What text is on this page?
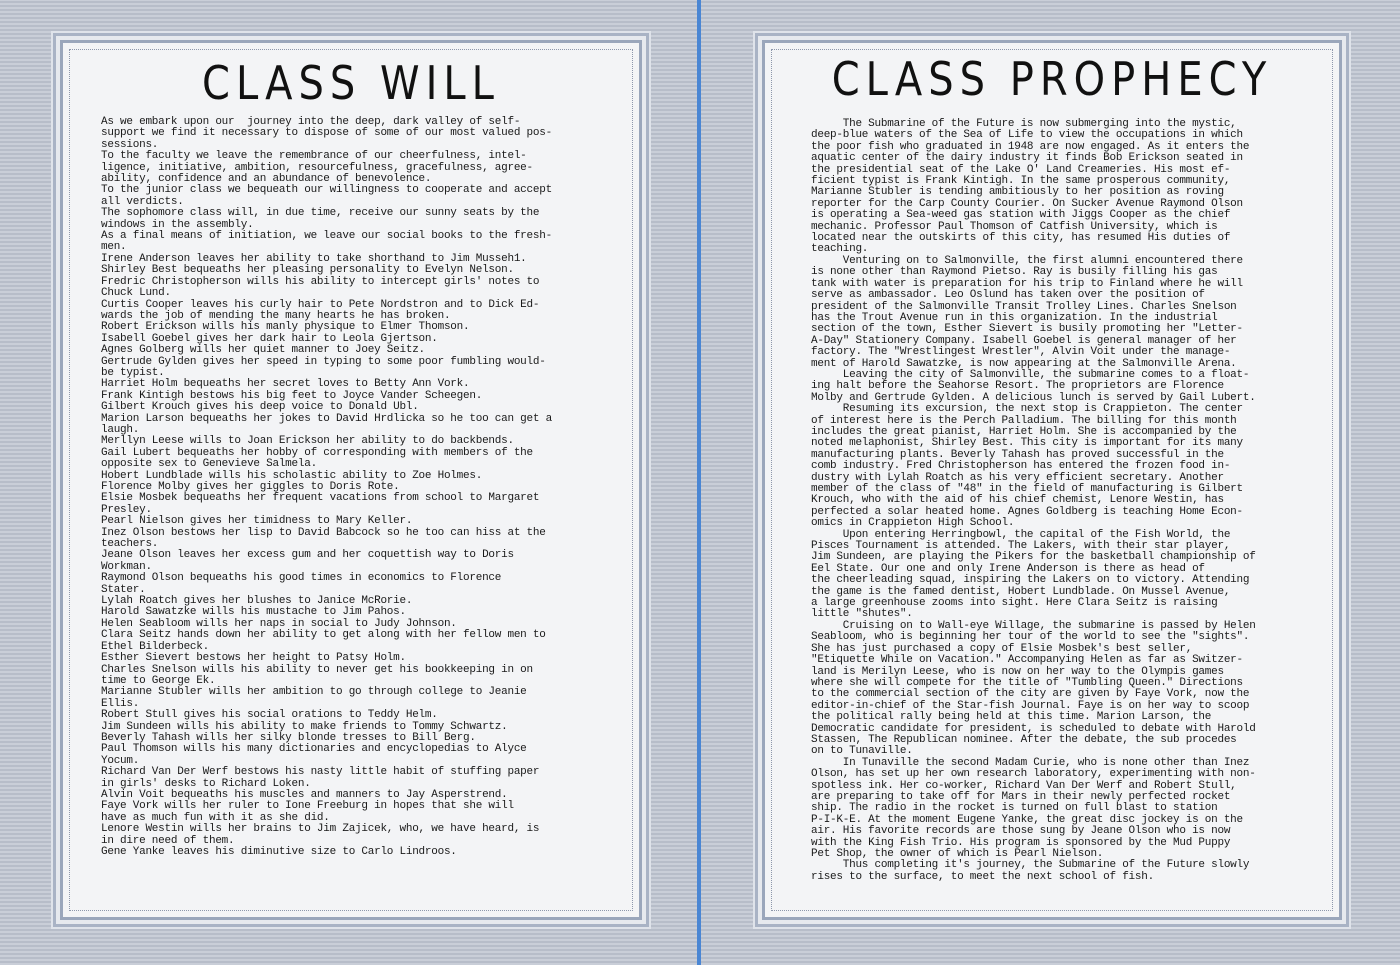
CLASS WILL
As we embark upon our  journey into the deep, dark valley of self-
support we find it necessary to dispose of some of our most valued pos-
sessions.
To the faculty we leave the remembrance of our cheerfulness, intel-
ligence, initiative, ambition, resourcefulness, gracefulness, agree-
ability, confidence and an abundance of benevolence.
To the junior class we bequeath our willingness to cooperate and accept
all verdicts.
The sophomore class will, in due time, receive our sunny seats by the
windows in the assembly.
As a final means of initiation, we leave our social books to the fresh-
men.
Irene Anderson leaves her ability to take shorthand to Jim Musseh1.
Shirley Best bequeaths her pleasing personality to Evelyn Nelson.
Fredric Christopherson wills his ability to intercept girls' notes to
Chuck Lund.
Curtis Cooper leaves his curly hair to Pete Nordstron and to Dick Ed-
wards the job of mending the many hearts he has broken.
Robert Erickson wills his manly physique to Elmer Thomson.
Isabell Goebel gives her dark hair to Leola Gjertson.
Agnes Golberg wills her quiet manner to Joey Seitz.
Gertrude Gylden gives her speed in typing to some poor fumbling would-
be typist.
Harriet Holm bequeaths her secret loves to Betty Ann Vork.
Frank Kintigh bestows his big feet to Joyce Vander Scheegen.
Gilbert Krouch gives his deep voice to Donald Ubl.
Marion Larson bequeaths her jokes to David Hrdlicka so he too can get a
laugh.
Merllyn Leese wills to Joan Erickson her ability to do backbends.
Gail Lubert bequeaths her hobby of corresponding with members of the
opposite sex to Genevieve Salmela.
Hobert Lundblade wills his scholastic ability to Zoe Holmes.
Florence Molby gives her giggles to Doris Rote.
Elsie Mosbek bequeaths her frequent vacations from school to Margaret
Presley.
Pearl Nielson gives her timidness to Mary Keller.
Inez Olson bestows her lisp to David Babcock so he too can hiss at the
teachers.
Jeane Olson leaves her excess gum and her coquettish way to Doris
Workman.
Raymond Olson bequeaths his good times in economics to Florence
Stater.
Lylah Roatch gives her blushes to Janice McRorie.
Harold Sawatzke wills his mustache to Jim Pahos.
Helen Seabloom wills her naps in social to Judy Johnson.
Clara Seitz hands down her ability to get along with her fellow men to
Ethel Bilderbeck.
Esther Sievert bestows her height to Patsy Holm.
Charles Snelson wills his ability to never get his bookkeeping in on
time to George Ek.
Marianne Stubler wills her ambition to go through college to Jeanie
Ellis.
Robert Stull gives his social orations to Teddy Helm.
Jim Sundeen wills his ability to make friends to Tommy Schwartz.
Beverly Tahash wills her silky blonde tresses to Bill Berg.
Paul Thomson wills his many dictionaries and encyclopedias to Alyce
Yocum.
Richard Van Der Werf bestows his nasty little habit of stuffing paper
in girls' desks to Richard Loken.
Alvin Voit bequeaths his muscles and manners to Jay Asperstrend.
Faye Vork wills her ruler to Ione Freeburg in hopes that she will
have as much fun with it as she did.
Lenore Westin wills her brains to Jim Zajicek, who, we have heard, is
in dire need of them.
Gene Yanke leaves his diminutive size to Carlo Lindroos.
CLASS PROPHECY
The Submarine of the Future is now submerging into the mystic,
deep-blue waters of the Sea of Life to view the occupations in which
the poor fish who graduated in 1948 are now engaged. As it enters the
aquatic center of the dairy industry it finds Bob Erickson seated in
the presidential seat of the Lake O' Land Creameries. His most ef-
ficient typist is Frank Kintigh. In the same prosperous community,
Marianne Stubler is tending ambitiously to her position as roving
reporter for the Carp County Courier. On Sucker Avenue Raymond Olson
is operating a Sea-weed gas station with Jiggs Cooper as the chief
mechanic. Professor Paul Thomson of Catfish University, which is
located near the outskirts of this city, has resumed His duties of
teaching.
Venturing on to Salmonville, the first alumni encountered there
is none other than Raymond Pietso. Ray is busily filling his gas
tank with water is preparation for his trip to Finland where he will
serve as ambassador. Leo Oslund has taken over the position of
president of the Salmonville Transit Trolley Lines. Charles Snelson
has the Trout Avenue run in this organization. In the industrial
section of the town, Esther Sievert is busily promoting her "Letter-
A-Day" Stationery Company. Isabell Goebel is general manager of her
factory. The "Wrestlingest Wrestler", Alvin Voit under the manage-
ment of Harold Sawatzke, is now appearing at the Salmonville Arena.
Leaving the city of Salmonville, the submarine comes to a float-
ing halt before the Seahorse Resort. The proprietors are Florence
Molby and Gertrude Gylden. A delicious lunch is served by Gail Lubert.
Resuming its excursion, the next stop is Crappieton. The center
of interest here is the Perch Palladium. The billing for this month
includes the great pianist, Harriet Holm. She is accompanied by the
noted melaphonist, Shirley Best. This city is important for its many
manufacturing plants. Beverly Tahash has proved successful in the
comb industry. Fred Christopherson has entered the frozen food in-
dustry with Lylah Roatch as his very efficient secretary. Another
member of the class of "48" in the field of manufacturing is Gilbert
Krouch, who with the aid of his chief chemist, Lenore Westin, has
perfected a solar heated home. Agnes Goldberg is teaching Home Econ-
omics in Crappieton High School.
Upon entering Herringbowl, the capital of the Fish World, the
Pisces Tournament is attended. The Lakers, with their star player,
Jim Sundeen, are playing the Pikers for the basketball championship of
Eel State. Our one and only Irene Anderson is there as head of
the cheerleading squad, inspiring the Lakers on to victory. Attending
the game is the famed dentist, Hobert Lundblade. On Mussel Avenue,
a large greenhouse zooms into sight. Here Clara Seitz is raising
little "shutes".
Cruising on to Wall-eye Willage, the submarine is passed by Helen
Seabloom, who is beginning her tour of the world to see the "sights".
She has just purchased a copy of Elsie Mosbek's best seller,
"Etiquette While on Vacation." Accompanying Helen as far as Switzer-
land is Merilyn Leese, who is now on her way to the Olympis games
where she will compete for the title of "Tumbling Queen." Directions
to the commercial section of the city are given by Faye Vork, now the
editor-in-chief of the Star-fish Journal. Faye is on her way to scoop
the political rally being held at this time. Marion Larson, the
Democratic candidate for president, is scheduled to debate with Harold
Stassen, The Republican nominee. After the debate, the sub procedes
on to Tunaville.
In Tunaville the second Madam Curie, who is none other than Inez
Olson, has set up her own research laboratory, experimenting with non-
spotless ink. Her co-worker, Richard Van Der Werf and Robert Stull,
are preparing to take off for Mars in their newly perfected rocket
ship. The radio in the rocket is turned on full blast to station
P-I-K-E. At the moment Eugene Yanke, the great disc jockey is on the
air. His favorite records are those sung by Jeane Olson who is now
with the King Fish Trio. His program is sponsored by the Mud Puppy
Pet Shop, the owner of which is Pearl Nielson.
Thus completing it's journey, the Submarine of the Future slowly
rises to the surface, to meet the next school of fish.
